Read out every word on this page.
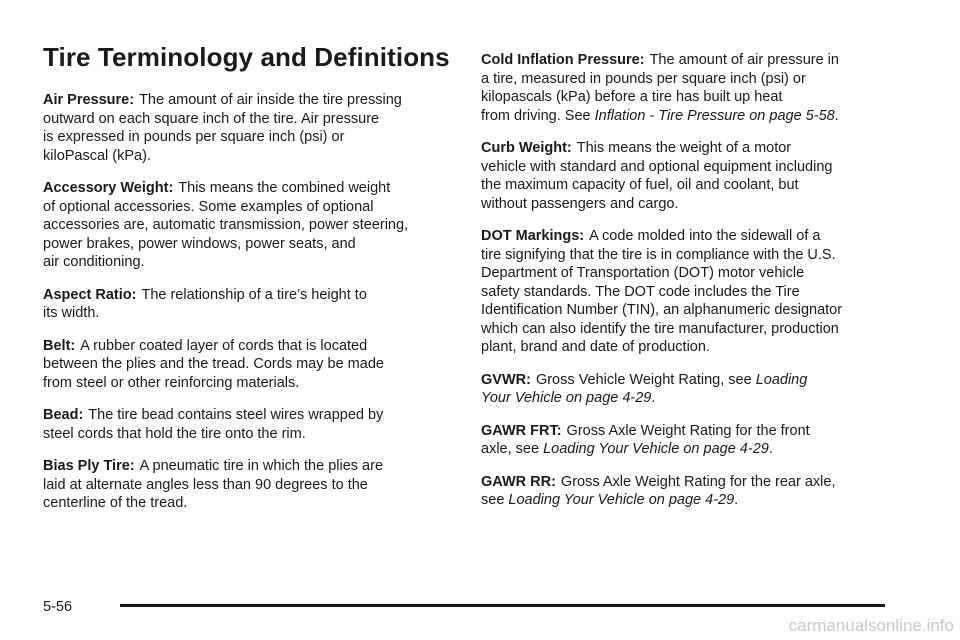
Tire Terminology and Definitions

Air Pressure: The amount of air inside the tire pressing
outward on each square inch of the tire. Air pressure
is expressed in pounds per square inch (psi) or
kiloPascal (kPa).

Accessory Weight: This means the combined weight
of optional accessories. Some examples of optional
accessories are, automatic transmission, power steering,
power brakes, power windows, power seats, and
air conditioning.

Aspect Ratio: The relationship of a tire’s height to
its width.

Belt: A rubber coated layer of cords that is located
between the plies and the tread. Cords may be made
from steel or other reinforcing materials.

Bead: The tire bead contains steel wires wrapped by
steel cords that hold the tire onto the rim.

Bias Ply Tire: A pneumatic tire in which the plies are
laid at alternate angles less than 90 degrees to the
centerline of the tread.

Cold Inflation Pressure: The amount of air pressure in
a tire, measured in pounds per square inch (psi) or
kilopascals (kPa) before a tire has built up heat
from driving. See Inflation - Tire Pressure on page 5-58.

Curb Weight: This means the weight of a motor
vehicle with standard and optional equipment including
the maximum capacity of fuel, oil and coolant, but
without passengers and cargo.

DOT Markings: A code molded into the sidewall of a
tire signifying that the tire is in compliance with the U.S.
Department of Transportation (DOT) motor vehicle
safety standards. The DOT code includes the Tire
Identification Number (TIN), an alphanumeric designator
which can also identify the tire manufacturer, production
plant, brand and date of production.

GVWR: Gross Vehicle Weight Rating, see Loading
Your Vehicle on page 4-29.

GAWR FRT: Gross Axle Weight Rating for the front
axle, see Loading Your Vehicle on page 4-29.

GAWR RR: Gross Axle Weight Rating for the rear axle,
see Loading Your Vehicle on page 4-29.

5-56
carmanualsonline.info
